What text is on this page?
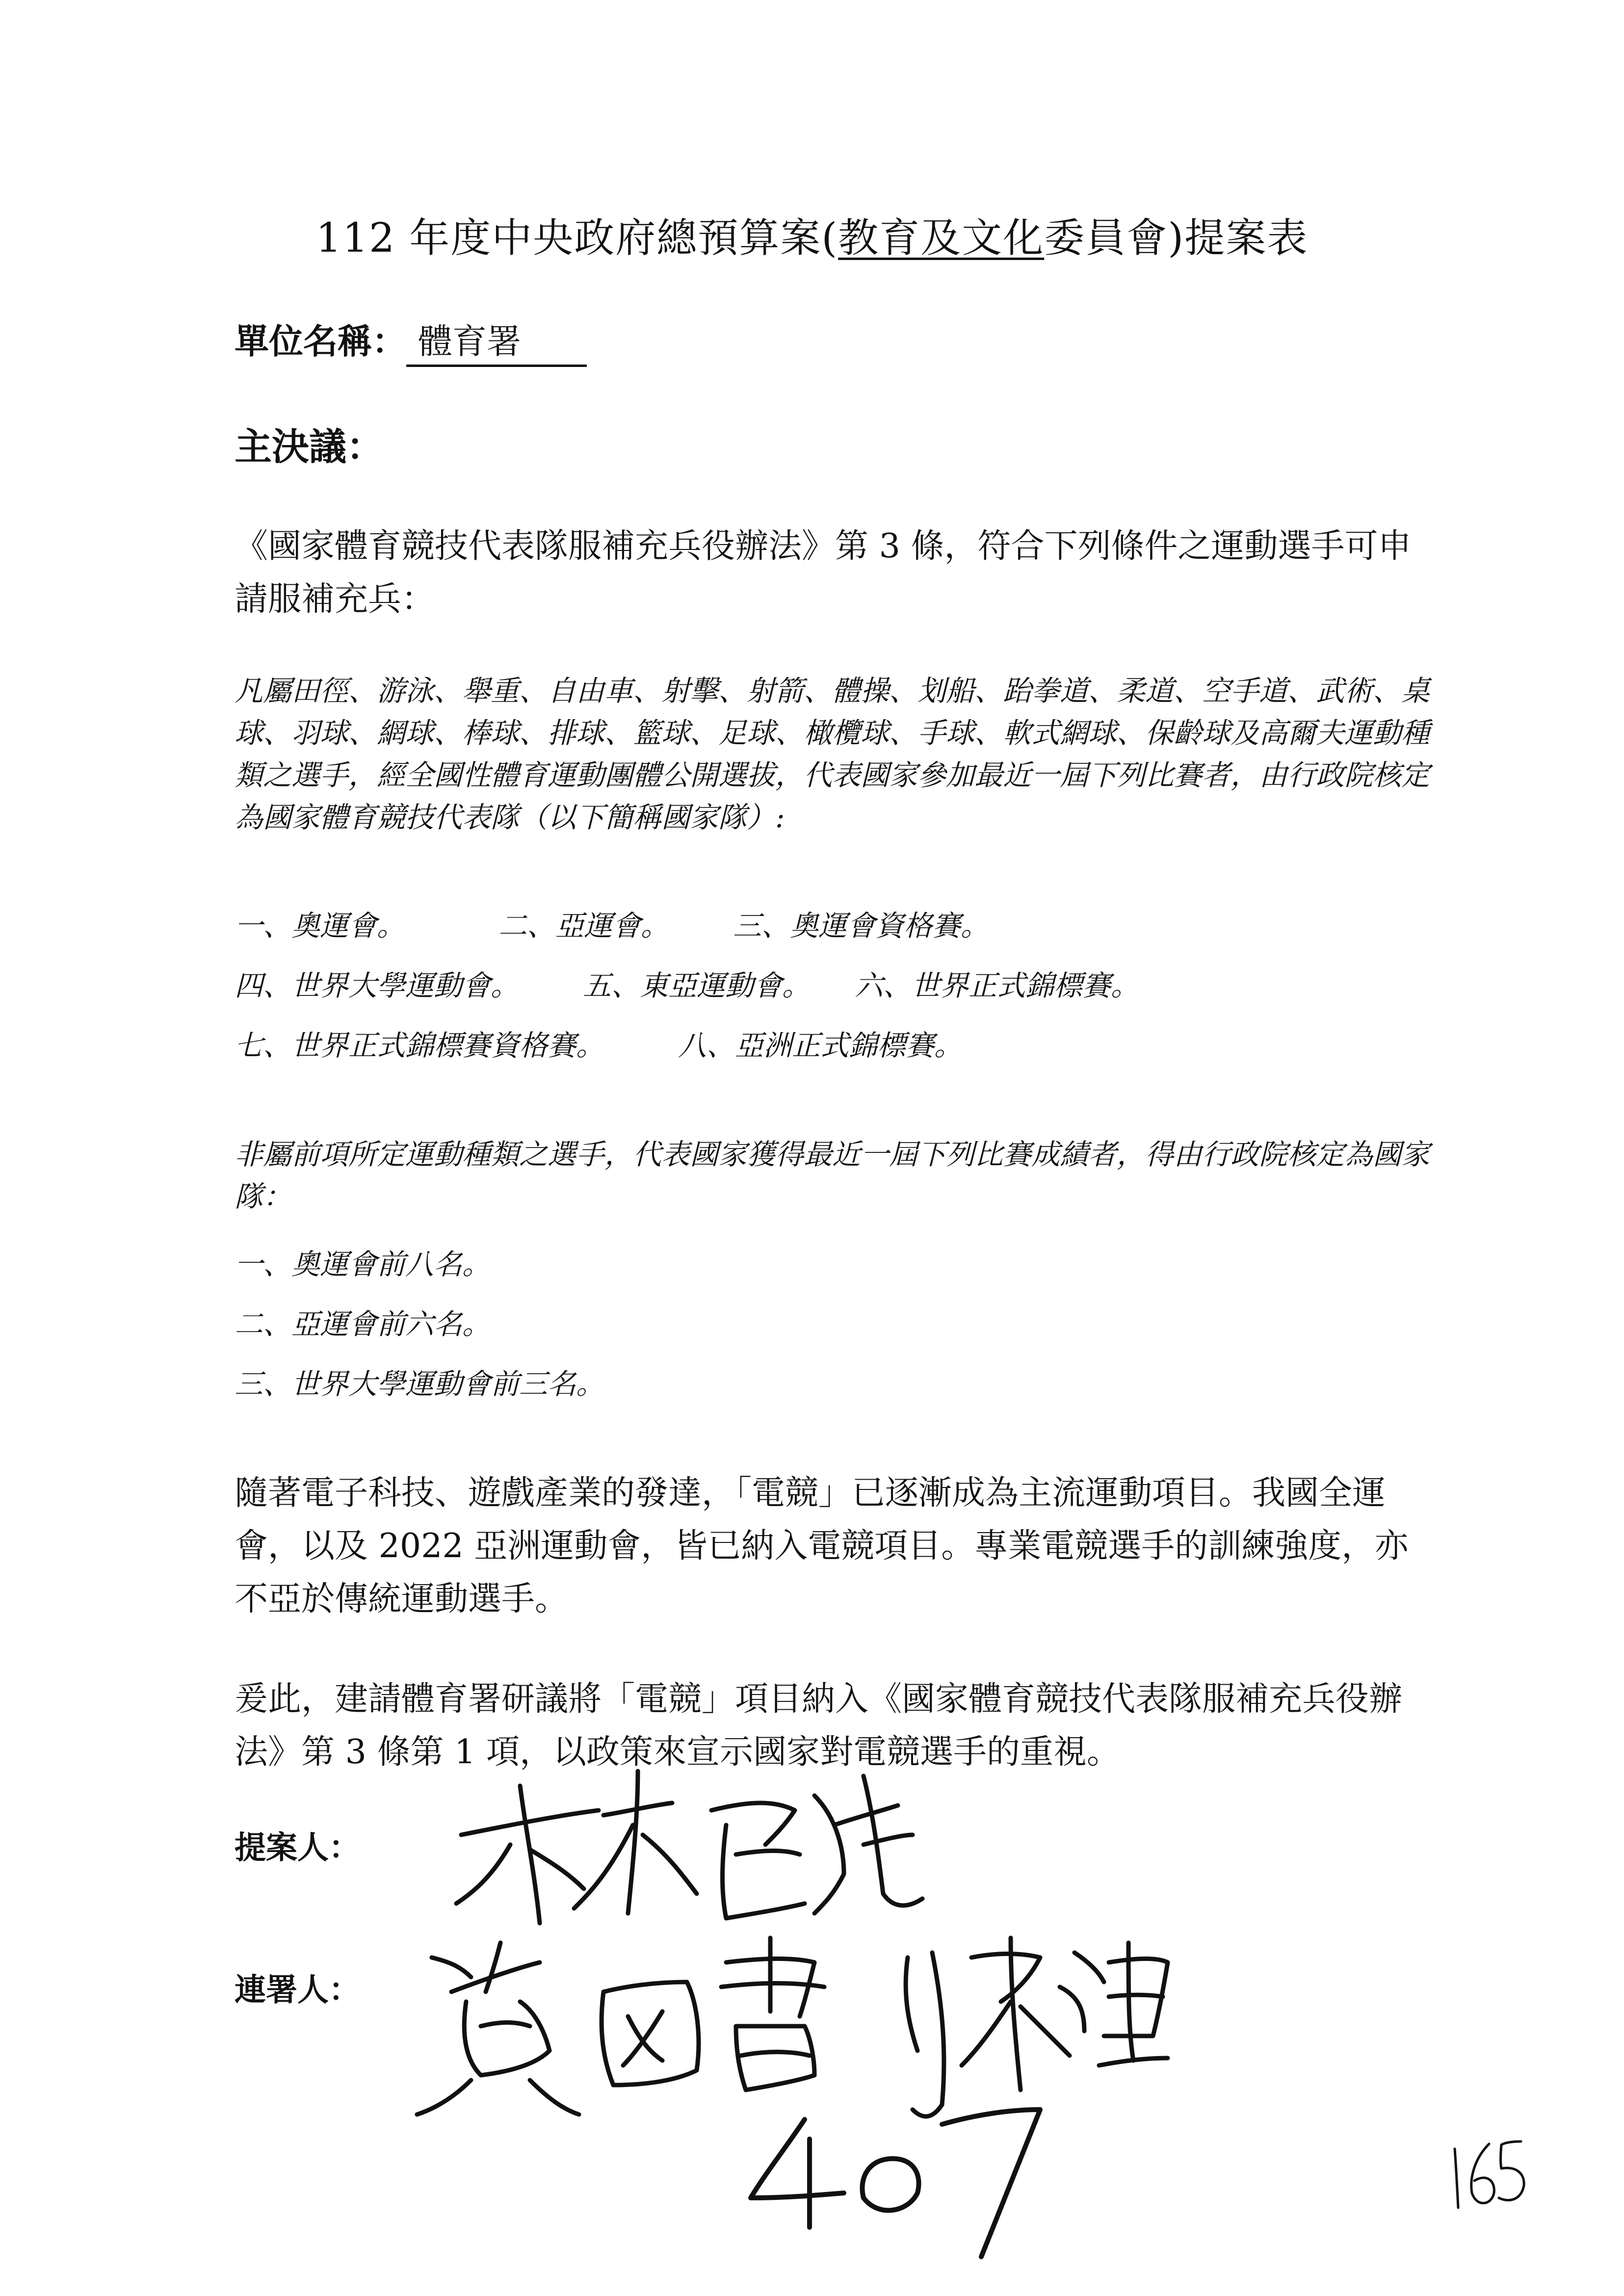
112 年度中央政府總預算案(教育及文化委員會)提案表
單位名稱： 體育署
主決議：
《國家體育競技代表隊服補充兵役辦法》第 3 條，符合下列條件之運動選手可申請服補充兵：
凡屬田徑、游泳、舉重、自由車、射擊、射箭、體操、划船、跆拳道、柔道、空手道、武術、桌球、羽球、網球、棒球、排球、籃球、足球、橄欖球、手球、軟式網球、保齡球及高爾夫運動種類之選手，經全國性體育運動團體公開選拔，代表國家參加最近一屆下列比賽者，由行政院核定為國家體育競技代表隊（以下簡稱國家隊）:
一、奧運會。	二、亞運會。 三、奧運會資格賽。
四、世界大學運動會。 五、東亞運動會。 六、世界正式錦標賽。
七、世界正式錦標賽資格賽。	八、亞洲正式錦標賽。
非屬前項所定運動種類之選手，代表國家獲得最近一屆下列比賽成績者，得由行政院核定為國家隊：
一、奧運會前八名。
二、亞運會前六名。
三、世界大學運動會前三名。
隨著電子科技、遊戲產業的發達，「電競」已逐漸成為主流運動項目。我國全運會，以及 2022 亞洲運動會，皆已納入電競項目。專業電競選手的訓練強度，亦不亞於傳統運動選手。
爰此，建請體育署研議將「電競」項目納入《國家體育競技代表隊服補充兵役辦法》第 3 條第 1 項，以政策來宣示國家對電競選手的重視。
提案人：
連署人：
